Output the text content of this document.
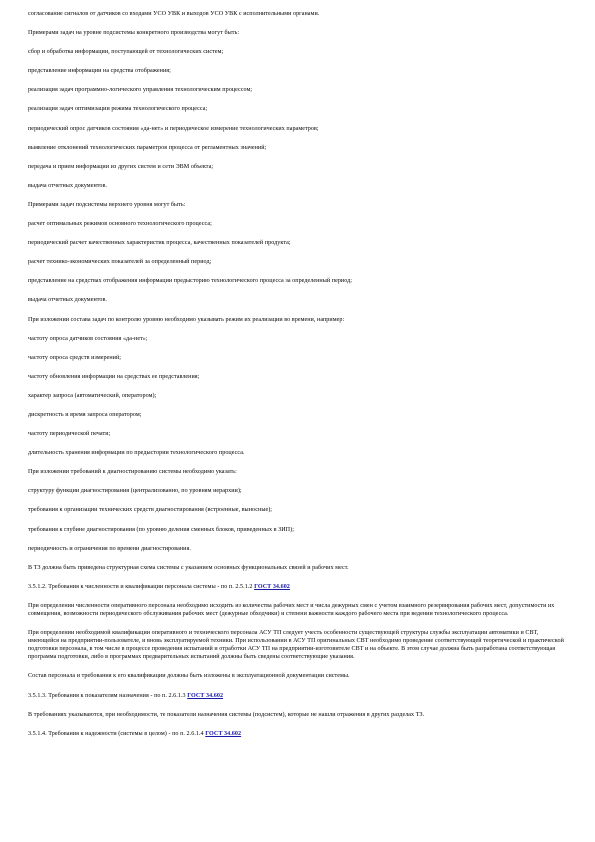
согласование сигналов от датчиков со входами УСО УВК и выходов УСО УВК с исполнительными органами.

Примерами задач на уровне подсистемы конкретного производства могут быть:

сбор и обработка информации, поступающей от технологических систем;

представление информации на средства отображения;

реализация задач программно-логического управления технологическим процессом;

реализация задач оптимизации режима технологического процесса;

периодический опрос датчиков состояния «да-нет» и периодическое измерение технологических параметров;

выявление отклонений технологических параметров процесса от регламентных значений;

передача и прием информации из других систем и сети ЭВМ объекта;

выдача отчетных документов.

Примерами задач подсистемы верхнего уровня могут быть:

расчет оптимальных режимов основного технологического процесса;

периодический расчет качественных характеристик процесса, качественных показателей продукта;

расчет технико-экономических показателей за определенный период;

представление на средствах отображения информации предысторию технологического процесса за определенный период;

выдача отчетных документов.

При изложении состава задач по контролю уровню необходимо указывать режим их реализации во времени, например:

частоту опроса датчиков состояния «да-нет»;

частоту опроса средств измерений;

частоту обновления информации на средствах ее представления;

характер запроса (автоматический, оператором);

дискретность и время запроса оператором;

частоту периодической печати;

длительность хранения информации по предыстории технологического процесса.

При изложении требований к диагностированию системы необходимо указать:

структуру функции диагностирования (централизованно, по уровням иерархии);

требования к организации технических средств диагностирования (встроенные, выносные);

требования к глубине диагностирования (по уровню деления сменных блоков, приведенных в ЗИП);

периодичность и ограничения по времени диагностирования.

В ТЗ должна быть приведена структурная схема системы с указанием основных функциональных связей и рабочих мест.

3.5.1.2. Требования к численности и квалификации персонала системы - по п. 2.5.1.2 ГОСТ 34.602

При определении численности оперативного персонала необходимо исходить из количества рабочих мест и числа дежурных смен с учетом взаимного резервирования рабочих мест, допустимости их совмещения, возможности периодического обслуживания рабочих мест (дежурные обходчики) и степени важности каждого рабочего места при ведении технологического процесса.

При определении необходимой квалификации оперативного и технического персонала АСУ ТП следует учесть особенности существующей структуры службы эксплуатации автоматики и СВТ, имеющейся на предприятии-пользователе, и вновь эксплуатируемой техники. При использовании в АСУ ТП оригинальных СВТ необходимо проведение соответствующей теоретической и практической подготовки персонала, в том числе в процессе проведения испытаний и отработки АСУ ТП на предприятии-изготовителе СВТ и на объекте. В этом случае должна быть разработана соответствующая программа подготовки, либо в программах предварительных испытаний должны быть сведены соответствующие указания.

Состав персонала и требования к его квалификации должны быть изложены в эксплуатационной документации системы.

3.5.1.3. Требования к показателям назначения - по п. 2.6.1.3 ГОСТ 34.602

В требованиях указываются, при необходимости, те показатели назначения системы (подсистем), которые не нашли отражения в других разделах ТЗ.

3.5.1.4. Требования к надежности (системы в целом) - по п. 2.6.1.4 ГОСТ 34.602
